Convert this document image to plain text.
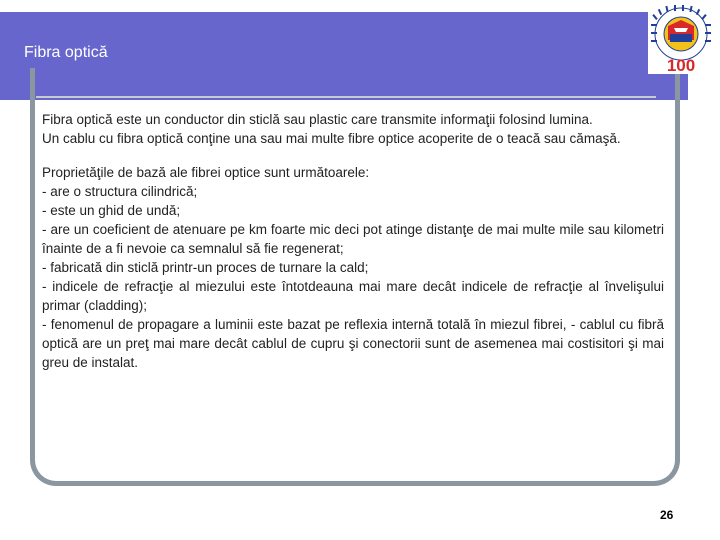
Fibra optică
100

Fibra optică este un conductor din sticlă sau plastic care transmite informaţii folosind lumina.

Un cablu cu fibra optică conţine una sau mai multe fibre optice acoperite de o teacă sau cămaşă.

Proprietăţile de bază ale fibrei optice sunt următoarele:

- are o structura cilindrică;

- este un ghid de undă;

- are un coeficient de atenuare pe km foarte mic deci pot atinge distanţe de mai multe mile sau kilometri înainte de a fi nevoie ca semnalul să fie regenerat;

- fabricată din sticlă printr-un proces de turnare la cald;

- indicele de refracţie al miezului este întotdeauna mai mare decât indicele de refracţie al învelişului primar (cladding);

- fenomenul de propagare a luminii este bazat pe reflexia internă totală în miezul fibrei, - cablul cu fibră optică are un preţ mai mare decât cablul de cupru şi conectorii sunt de asemenea mai costisitori şi mai greu de instalat.

26
